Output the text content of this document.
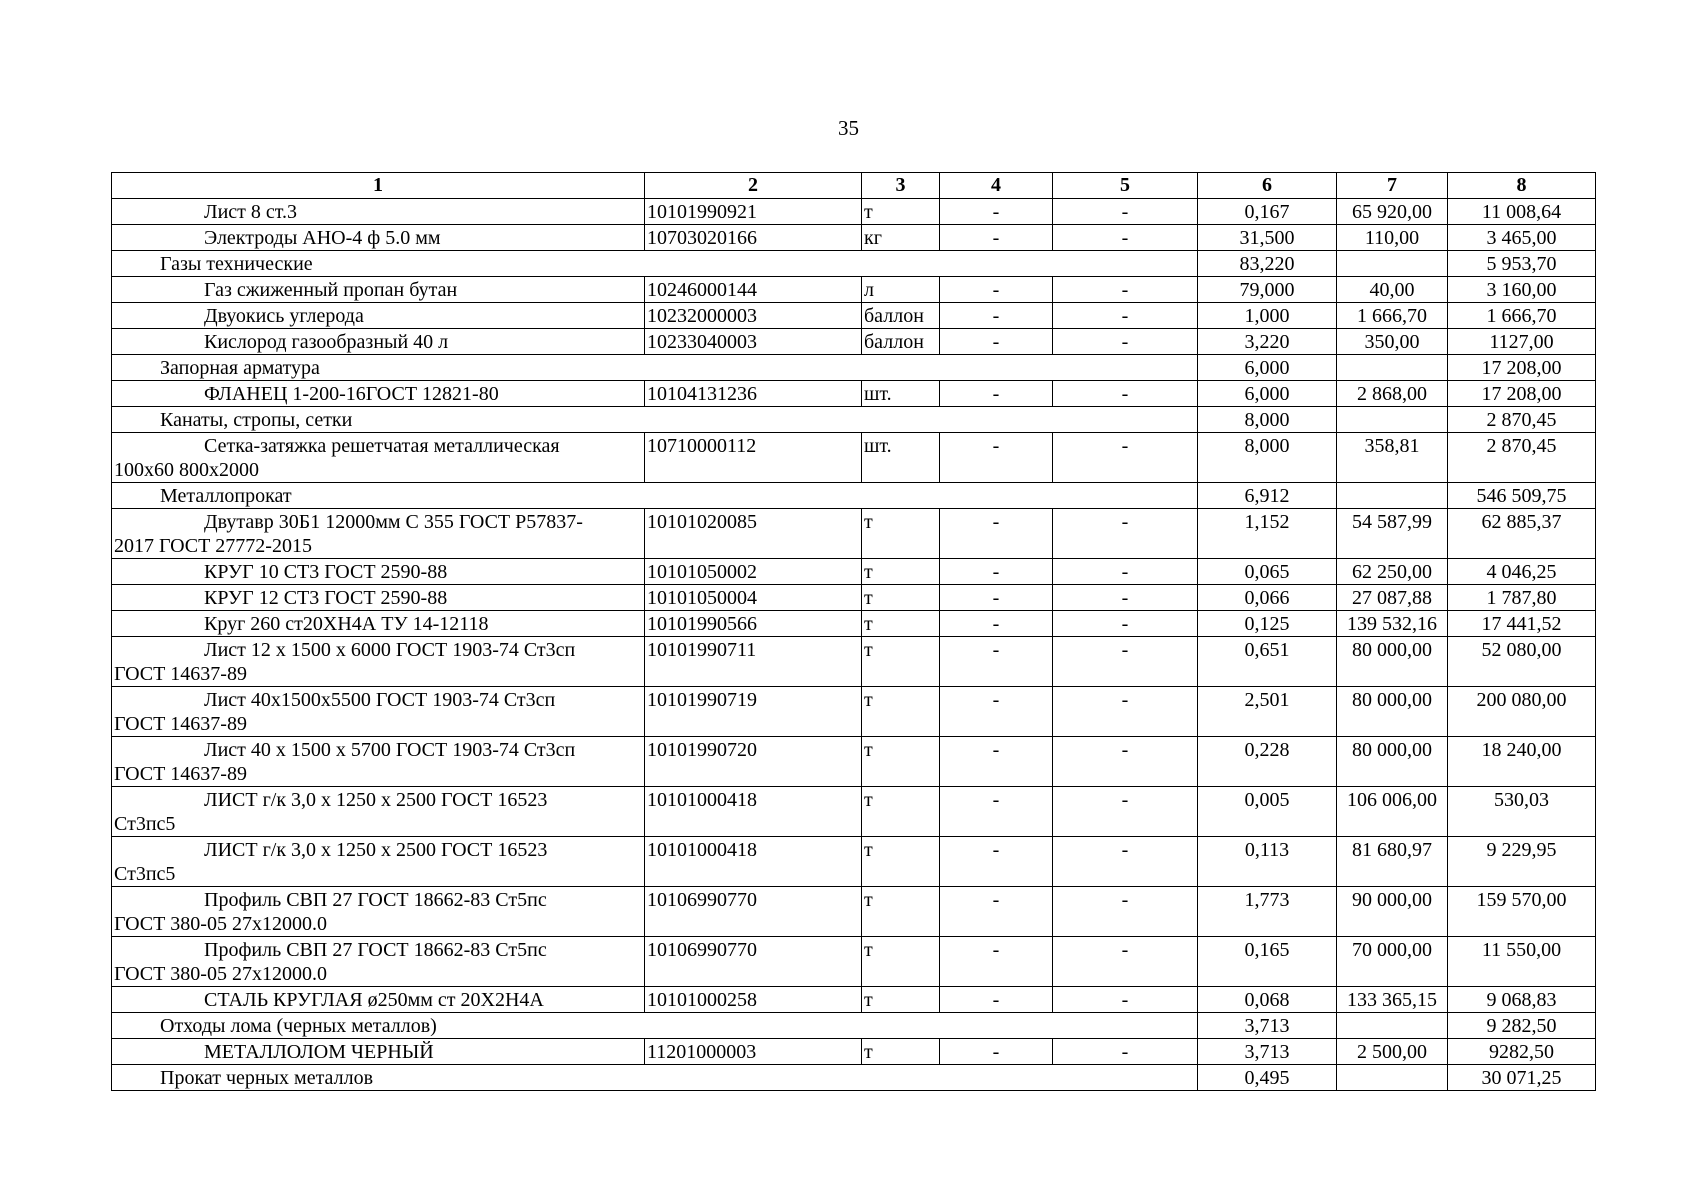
35
1	2	3	4	5	6	7	8

Лист 8 ст.3	10101990921	т	-	-	0,167	65 920,00	11 008,64

Электроды АНО-4 ф 5.0 мм	10703020166	кг	-	-	31,500	110,00	3 465,00
Газы технические					83,220		5 953,70

Газ сжиженный пропан бутан	10246000144	л	-	-	79,000	40,00	3 160,00

Двуокись углерода	10232000003	баллон	-	-	1,000	1 666,70	1 666,70

Кислород газообразный 40 л	10233040003	баллон	-	-	3,220	350,00	1127,00
Запорная арматура					6,000		17 208,00

ФЛАНЕЦ 1-200-16ГОСТ 12821-80	10104131236	шт.	-	-	6,000	2 868,00	17 208,00
Канаты, стропы, сетки					8,000		2 870,45

Сетка-затяжка решетчатая металлическая
100х60 800х2000	10710000112	шт.	-	-	8,000	358,81	2 870,45
Металлопрокат					6,912		546 509,75

Двутавр 30Б1 12000мм С 355 ГОСТ Р57837-
2017 ГОСТ 27772-2015	10101020085	т	-	-	1,152	54 587,99	62 885,37

КРУГ 10 СТ3 ГОСТ 2590-88	10101050002	т	-	-	0,065	62 250,00	4 046,25

КРУГ 12 СТ3 ГОСТ 2590-88	10101050004	т	-	-	0,066	27 087,88	1 787,80

Круг 260 ст20ХН4А ТУ 14-12118	10101990566	т	-	-	0,125	139 532,16	17 441,52

Лист 12 х 1500 х 6000 ГОСТ 1903-74 Ст3сп
ГОСТ 14637-89	10101990711	т	-	-	0,651	80 000,00	52 080,00

Лист 40х1500х5500 ГОСТ 1903-74 Ст3сп
ГОСТ 14637-89	10101990719	т	-	-	2,501	80 000,00	200 080,00

Лист 40 х 1500 х 5700 ГОСТ 1903-74 Ст3сп
ГОСТ 14637-89	10101990720	т	-	-	0,228	80 000,00	18 240,00

ЛИСТ г/к 3,0 х 1250 х 2500 ГОСТ 16523
Ст3пс5	10101000418	т	-	-	0,005	106 006,00	530,03

ЛИСТ г/к 3,0 х 1250 х 2500 ГОСТ 16523
Ст3пс5	10101000418	т	-	-	0,113	81 680,97	9 229,95

Профиль СВП 27 ГОСТ 18662-83 Ст5пс
ГОСТ 380-05 27х12000.0	10106990770	т	-	-	1,773	90 000,00	159 570,00

Профиль СВП 27 ГОСТ 18662-83 Ст5пс
ГОСТ 380-05 27х12000.0	10106990770	т	-	-	0,165	70 000,00	11 550,00

СТАЛЬ КРУГЛАЯ ø250мм ст 20Х2Н4А	10101000258	т	-	-	0,068	133 365,15	9 068,83
Отходы лома (черных металлов)					3,713		9 282,50

МЕТАЛЛОЛОМ ЧЕРНЫЙ	11201000003	т	-	-	3,713	2 500,00	9282,50
Прокат черных металлов					0,495		30 071,25
